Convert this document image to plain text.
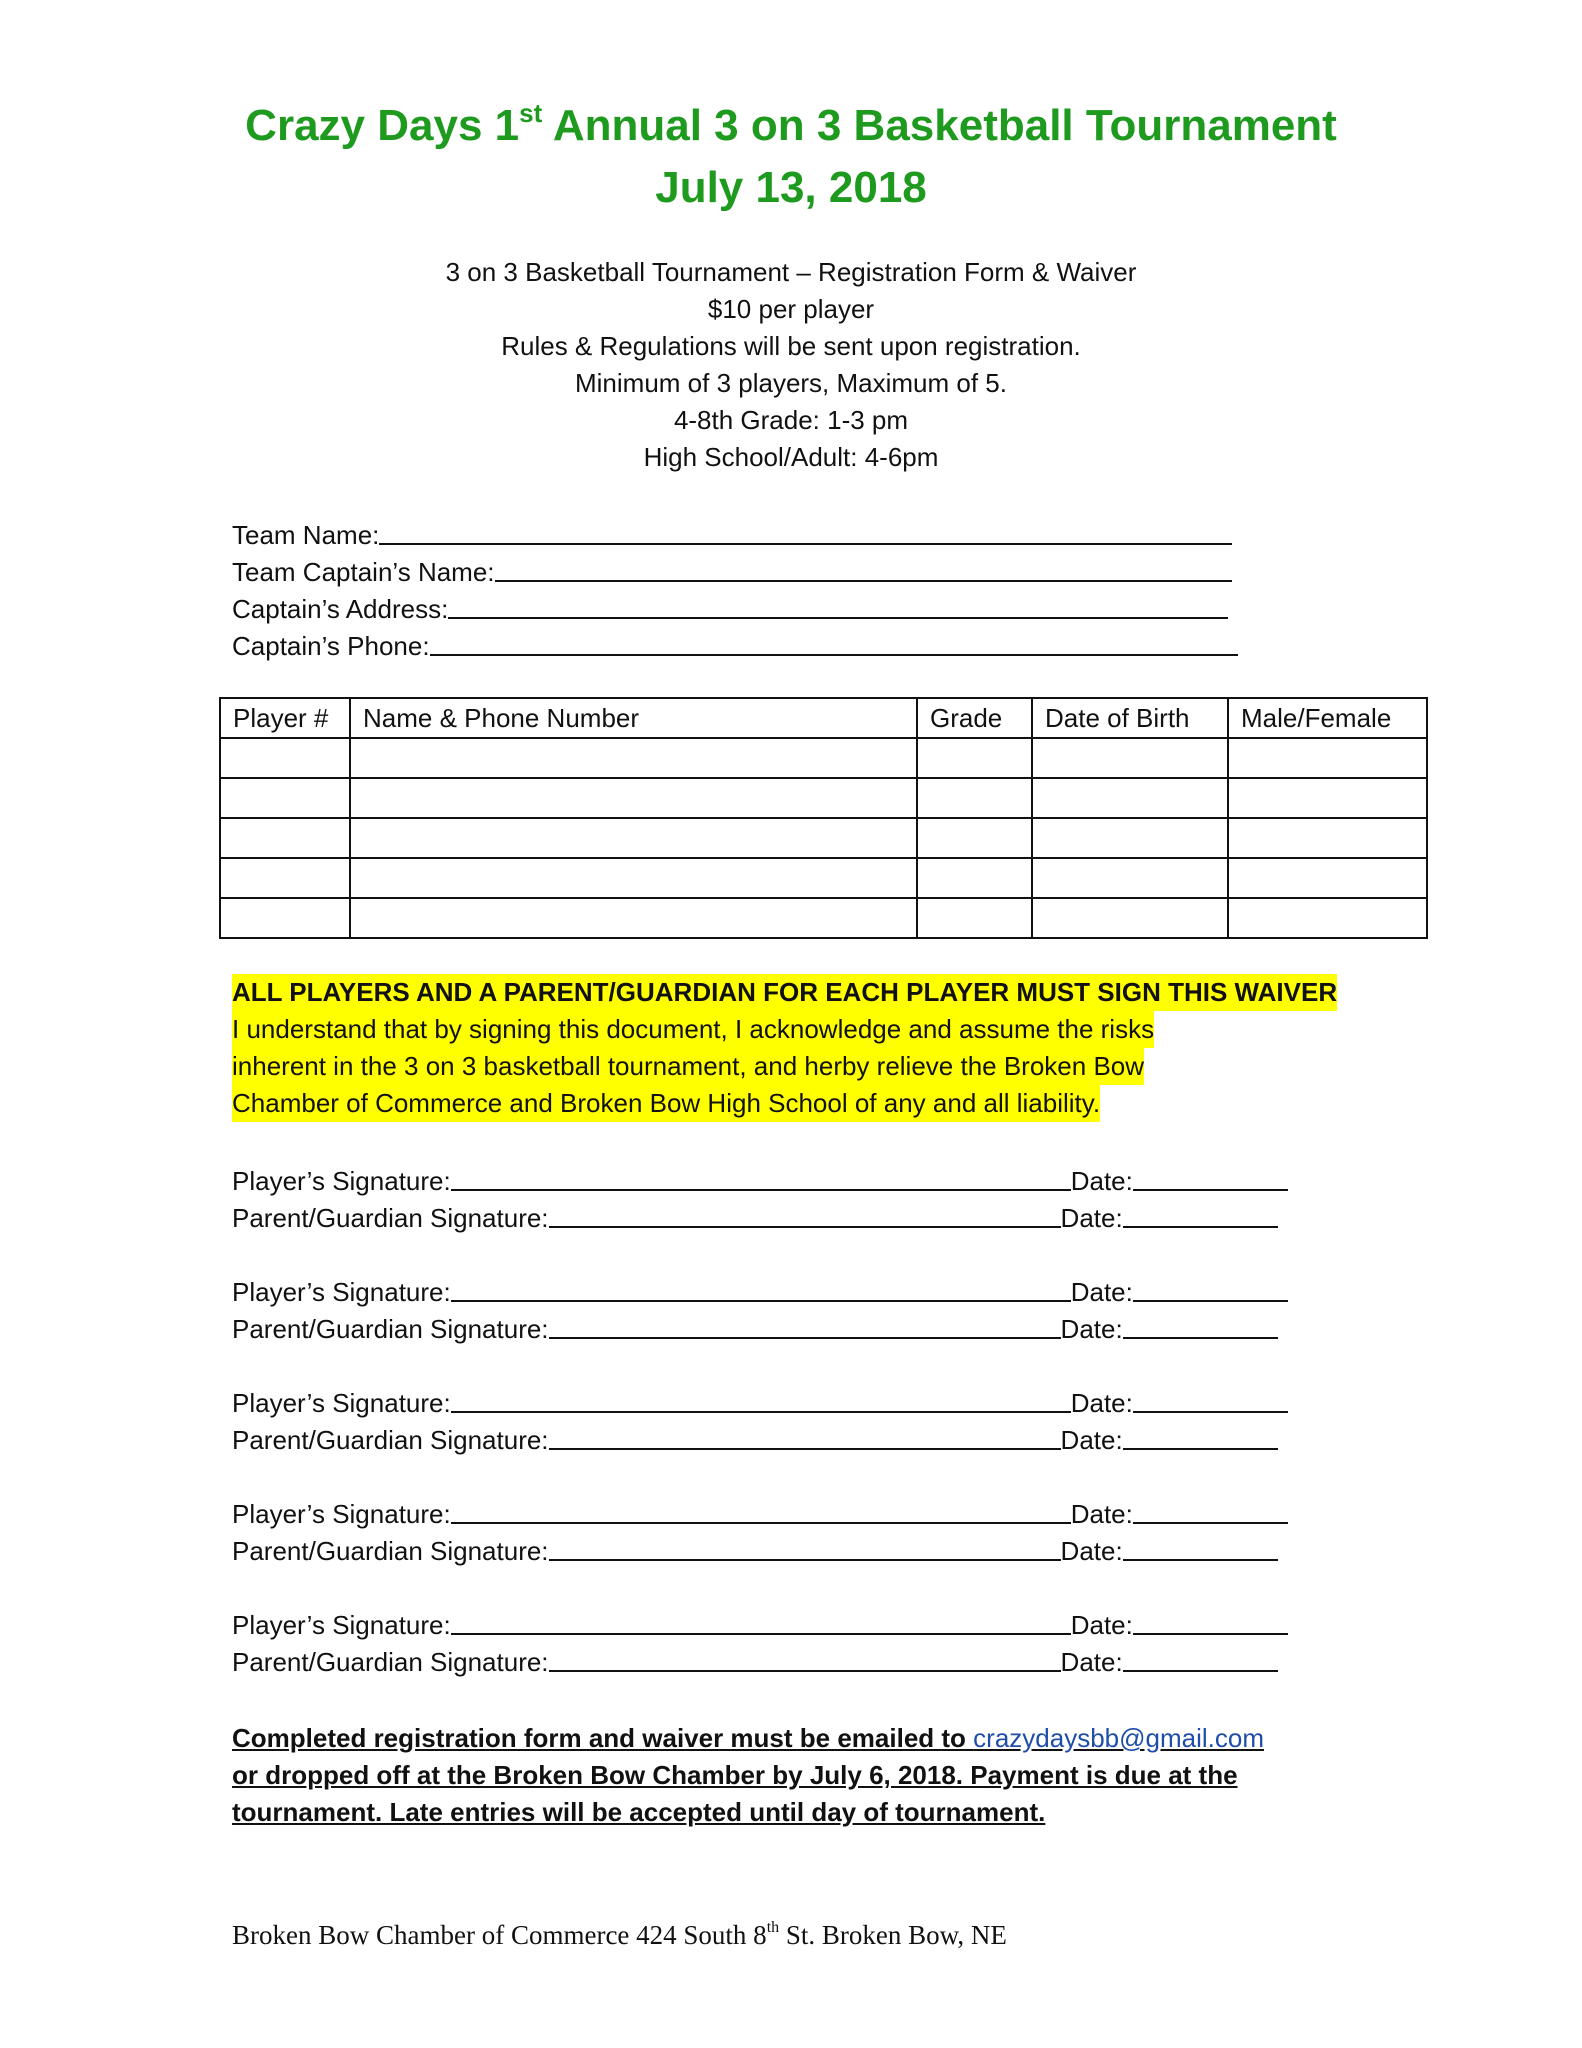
Crazy Days 1st Annual 3 on 3 Basketball Tournament
July 13, 2018
3 on 3 Basketball Tournament – Registration Form & Waiver
$10 per player
Rules & Regulations will be sent upon registration.
Minimum of 3 players, Maximum of 5.
4-8th Grade: 1-3 pm
High School/Adult: 4-6pm
Team Name:
Team Captain’s Name:
Captain’s Address:
Captain’s Phone:
Player #	Name & Phone Number	Grade	Date of Birth	Male/Female

ALL PLAYERS AND A PARENT/GUARDIAN FOR EACH PLAYER MUST SIGN THIS WAIVER
I understand that by signing this document, I acknowledge and assume the risks
inherent in the 3 on 3 basketball tournament, and herby relieve the Broken Bow
Chamber of Commerce and Broken Bow High School of any and all liability.
Player’s Signature:	Date:
Parent/Guardian Signature:	Date:
Player’s Signature:	Date:
Parent/Guardian Signature:	Date:
Player’s Signature:	Date:
Parent/Guardian Signature:	Date:
Player’s Signature:	Date:
Parent/Guardian Signature:	Date:
Player’s Signature:	Date:
Parent/Guardian Signature:	Date:
Completed registration form and waiver must be emailed to crazydaysbb@gmail.com
or dropped off at the Broken Bow Chamber by July 6, 2018. Payment is due at the
tournament. Late entries will be accepted until day of tournament.
Broken Bow Chamber of Commerce 424 South 8th St. Broken Bow, NE
